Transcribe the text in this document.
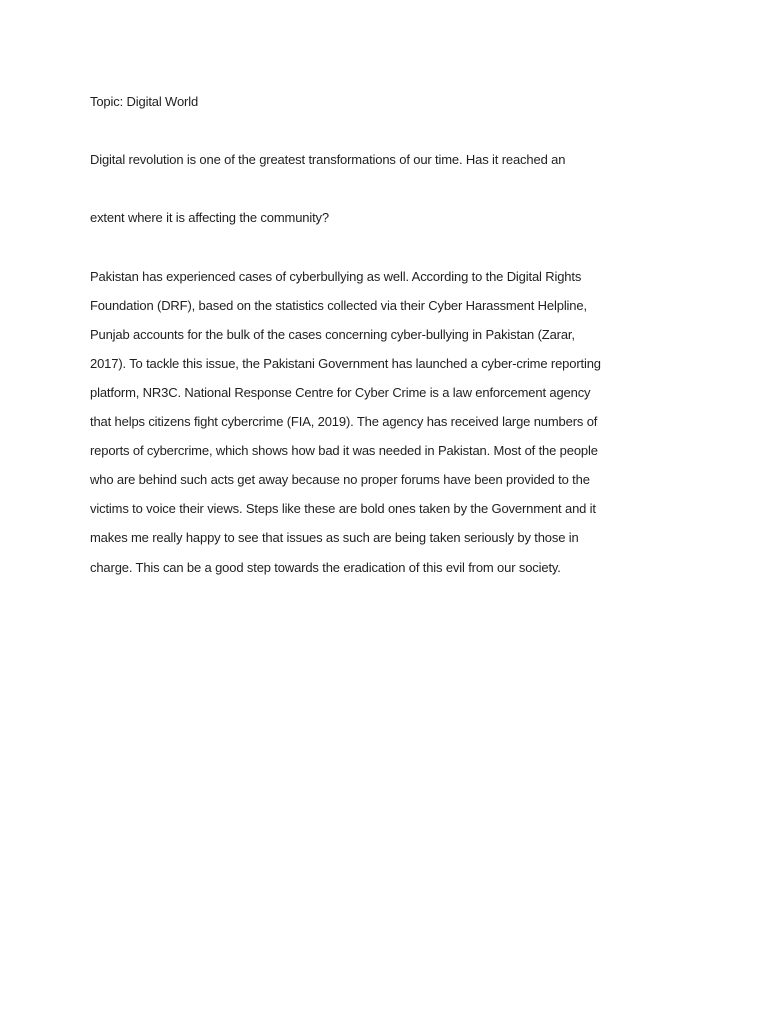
Topic: Digital World
Digital revolution is one of the greatest transformations of our time. Has it reached an
extent where it is affecting the community?
Pakistan has experienced cases of cyberbullying as well. According to the Digital Rights
Foundation (DRF), based on the statistics collected via their Cyber Harassment Helpline,
Punjab accounts for the bulk of the cases concerning cyber-bullying in Pakistan (Zarar,
2017). To tackle this issue, the Pakistani Government has launched a cyber-crime reporting
platform, NR3C. National Response Centre for Cyber Crime is a law enforcement agency
that helps citizens fight cybercrime (FIA, 2019). The agency has received large numbers of
reports of cybercrime, which shows how bad it was needed in Pakistan. Most of the people
who are behind such acts get away because no proper forums have been provided to the
victims to voice their views. Steps like these are bold ones taken by the Government and it
makes me really happy to see that issues as such are being taken seriously by those in
charge. This can be a good step towards the eradication of this evil from our society.
